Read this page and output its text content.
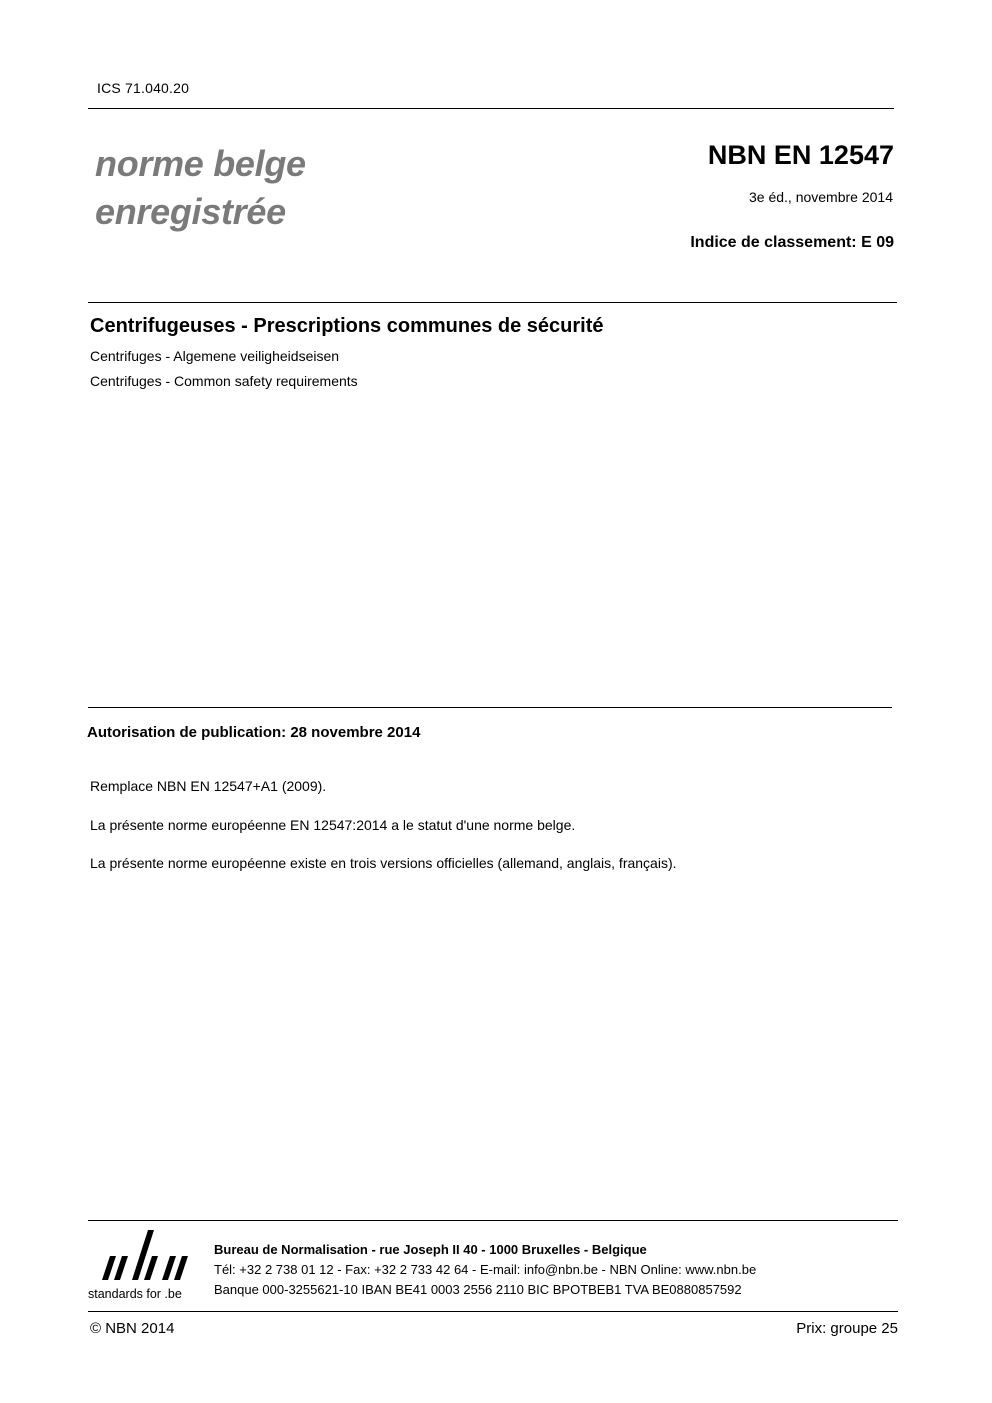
ICS 71.040.20
norme belge
enregistrée
NBN EN 12547
3e éd., novembre 2014
Indice de classement: E 09
Centrifugeuses - Prescriptions communes de sécurité
Centrifuges - Algemene veiligheidseisen
Centrifuges - Common safety requirements
Autorisation de publication: 28 novembre 2014
Remplace NBN EN 12547+A1 (2009).
La présente norme européenne EN 12547:2014 a le statut d'une norme belge.
La présente norme européenne existe en trois versions officielles (allemand, anglais, français).
standards for .be
Bureau de Normalisation - rue Joseph II 40 - 1000 Bruxelles - Belgique
Tél: +32 2 738 01 12 - Fax: +32 2 733 42 64 - E-mail: info@nbn.be - NBN Online: www.nbn.be
Banque 000-3255621-10 IBAN BE41 0003 2556 2110 BIC BPOTBEB1 TVA BE0880857592
© NBN 2014	Prix: groupe 25
